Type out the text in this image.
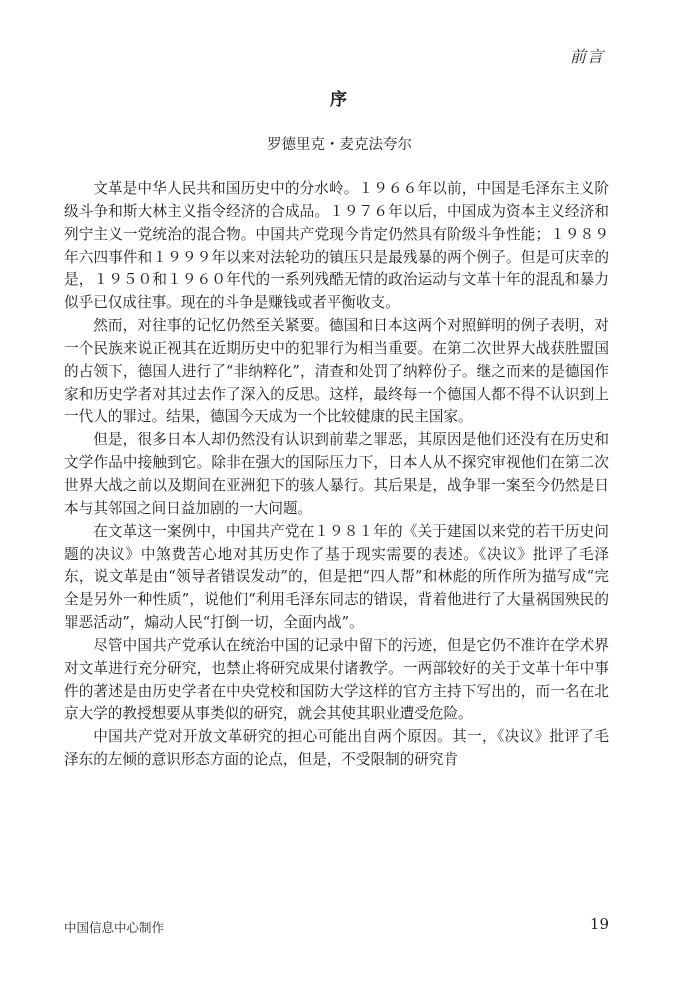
前言
序
罗德里克・麦克法夸尔

文革是中华人民共和国历史中的分水岭。１９６６年以前，中国是毛泽东主义阶级斗争和斯大林主义指令经济的合成品。１９７６年以后，中国成为资本主义经济和列宁主义一党统治的混合物。中国共产党现今肯定仍然具有阶级斗争性能；１９８９年六四事件和１９９９年以来对法轮功的镇压只是最残暴的两个例子。但是可庆幸的是，１９５０和１９６０年代的一系列残酷无情的政治运动与文革十年的混乱和暴力似乎已仅成往事。现在的斗争是赚钱或者平衡收支。

然而，对往事的记忆仍然至关紧要。德国和日本这两个对照鲜明的例子表明，对一个民族来说正视其在近期历史中的犯罪行为相当重要。在第二次世界大战获胜盟国的占领下，德国人进行了“非纳粹化”，清查和处罚了纳粹份子。继之而来的是德国作家和历史学者对其过去作了深入的反思。这样，最终每一个德国人都不得不认识到上一代人的罪过。结果，德国今天成为一个比较健康的民主国家。

但是，很多日本人却仍然没有认识到前辈之罪恶，其原因是他们还没有在历史和文学作品中接触到它。除非在强大的国际压力下，日本人从不探究审视他们在第二次世界大战之前以及期间在亚洲犯下的骇人暴行。其后果是，战争罪一案至今仍然是日本与其邻国之间日益加剧的一大问题。

在文革这一案例中，中国共产党在１９８１年的《关于建国以来党的若干历史问题的决议》中煞费苦心地对其历史作了基于现实需要的表述。《决议》批评了毛泽东，说文革是由“领导者错误发动”的，但是把“四人帮”和林彪的所作所为描写成“完全是另外一种性质”，说他们“利用毛泽东同志的错误，背着他进行了大量祸国殃民的罪恶活动”，煽动人民“打倒一切，全面内战”。

尽管中国共产党承认在统治中国的记录中留下的污迹，但是它仍不准许在学术界对文革进行充分研究，也禁止将研究成果付诸教学。一两部较好的关于文革十年中事件的著述是由历史学者在中央党校和国防大学这样的官方主持下写出的，而一名在北京大学的教授想要从事类似的研究，就会其使其职业遭受危险。

中国共产党对开放文革研究的担心可能出自两个原因。其一，《决议》批评了毛泽东的左倾的意识形态方面的论点，但是，不受限制的研究肯

中国信息中心制作	19
